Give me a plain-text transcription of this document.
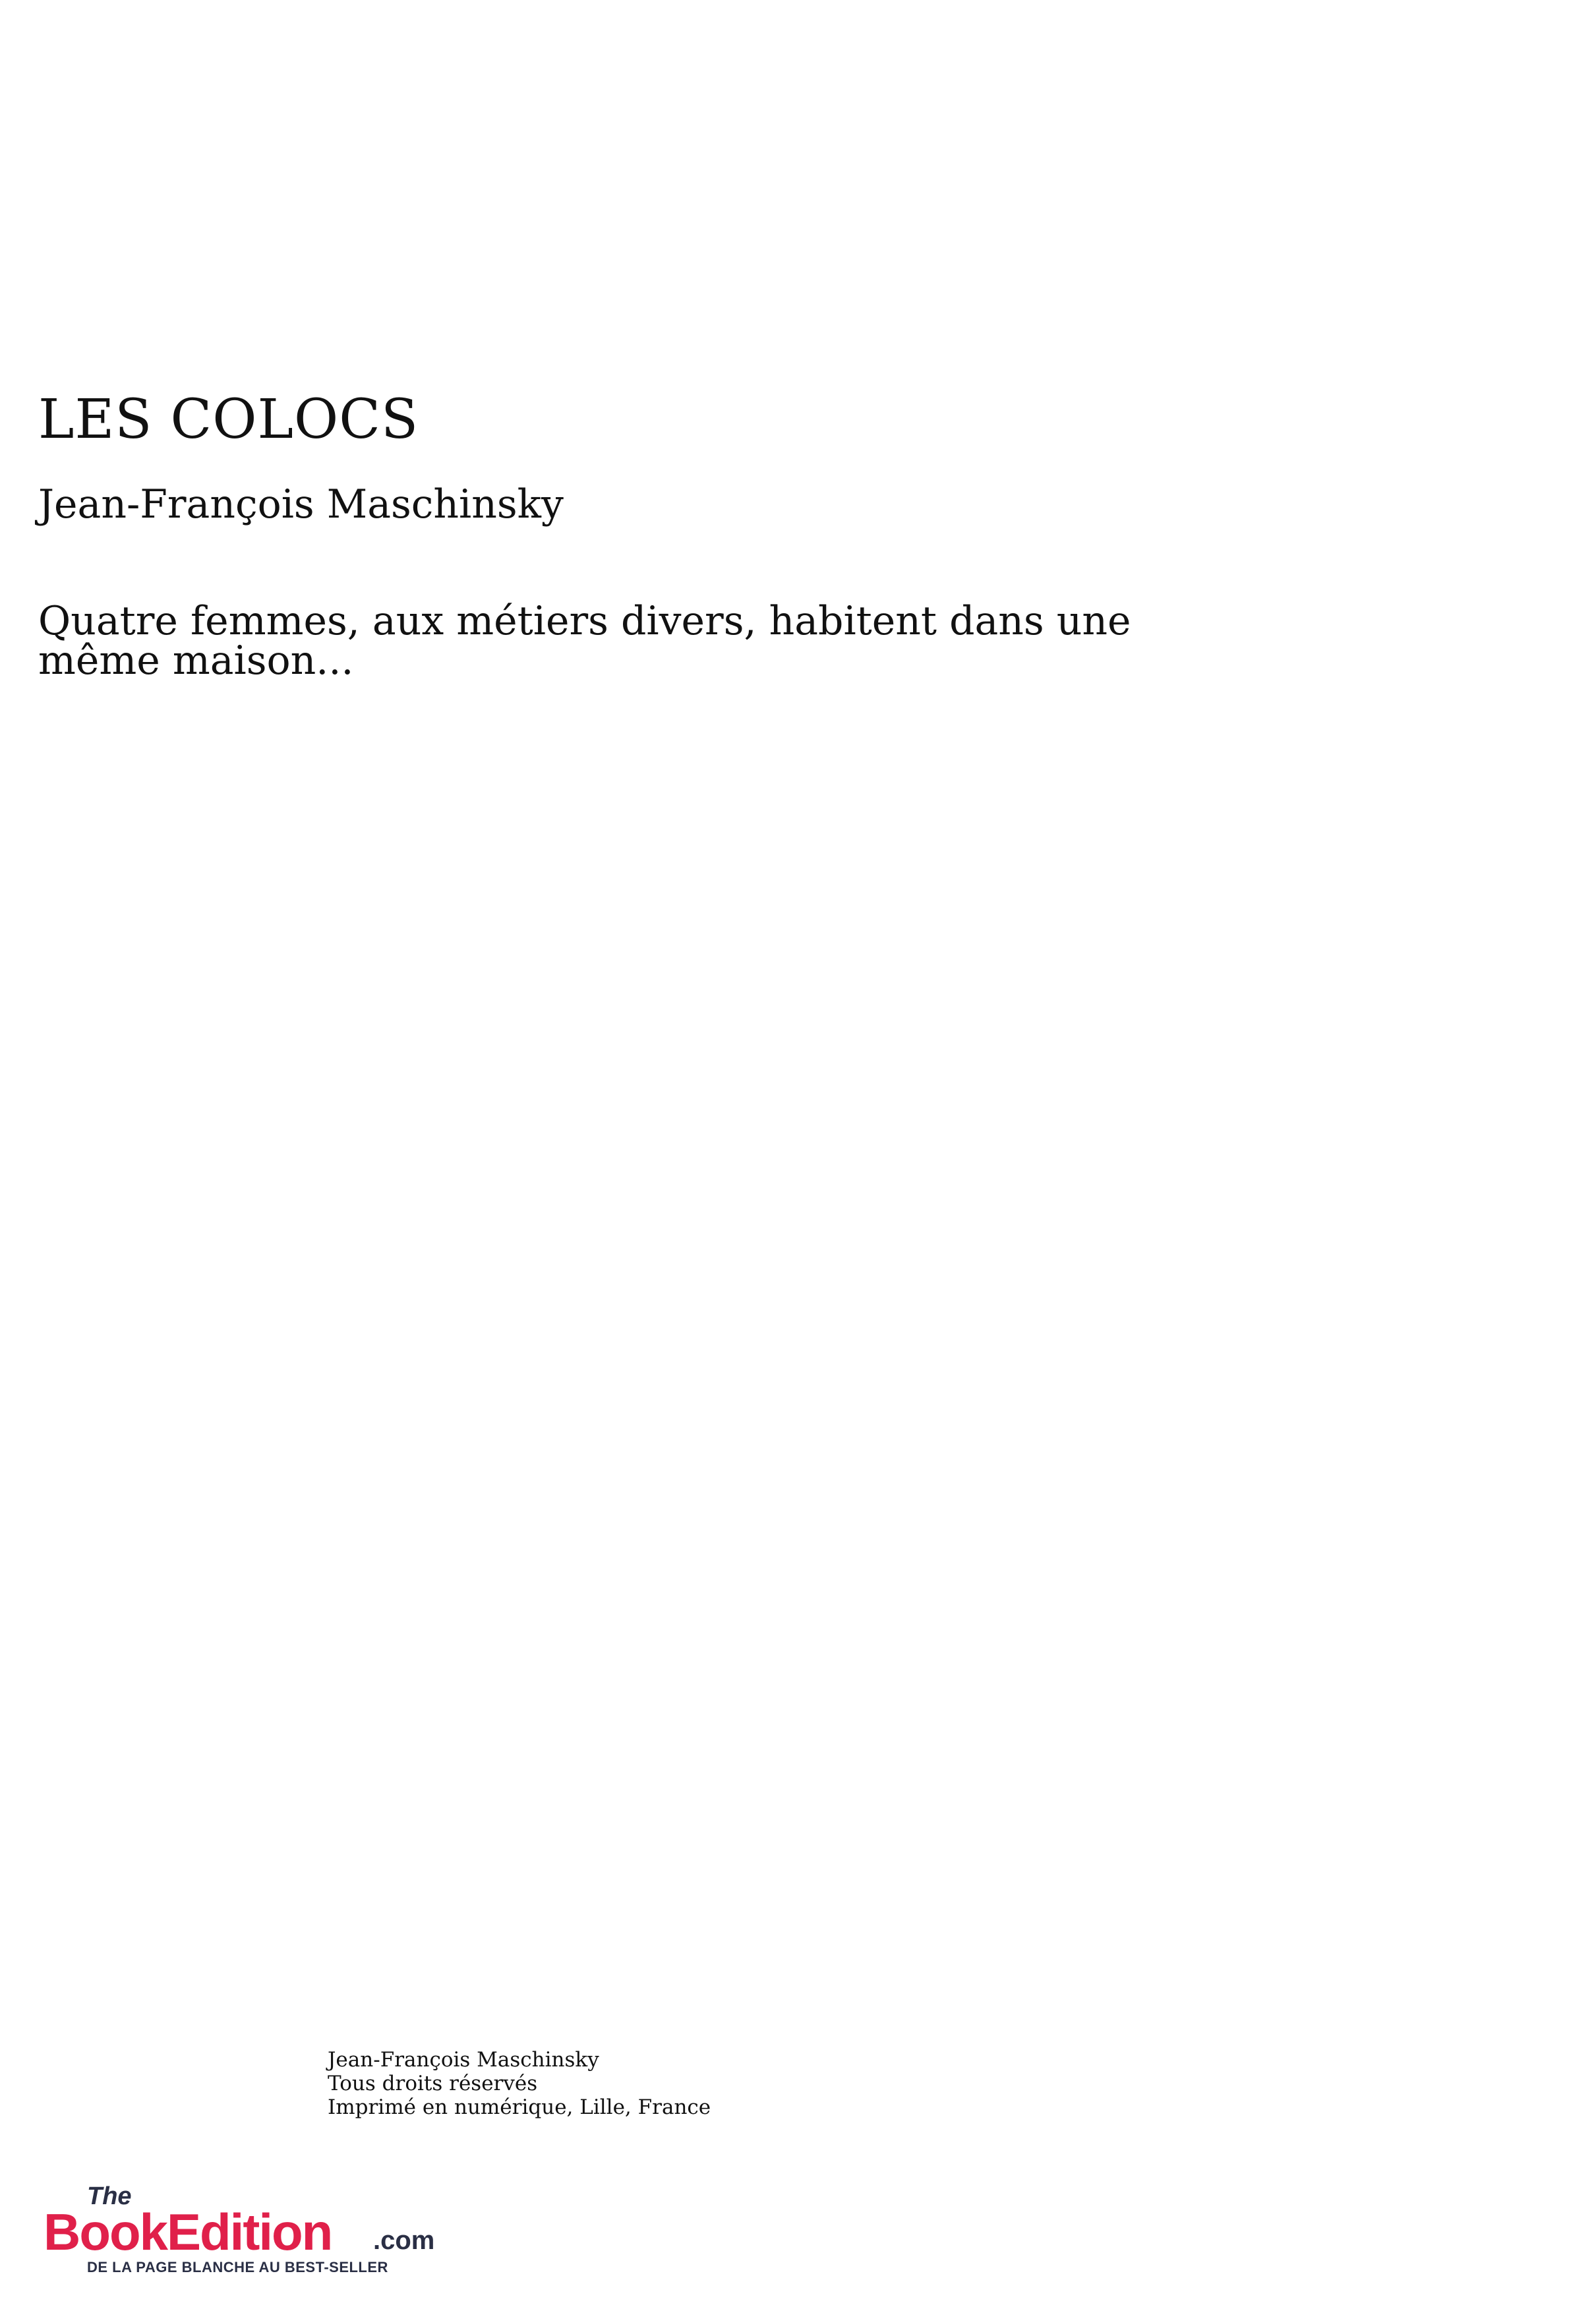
LES COLOCS

Jean-François Maschinsky

Quatre femmes, aux métiers divers, habitent dans une même maison...

Jean-François Maschinsky
Tous droits réservés
Imprimé en numérique, Lille, France
The
BookEdition .com
DE LA PAGE BLANCHE AU BEST-SELLER
